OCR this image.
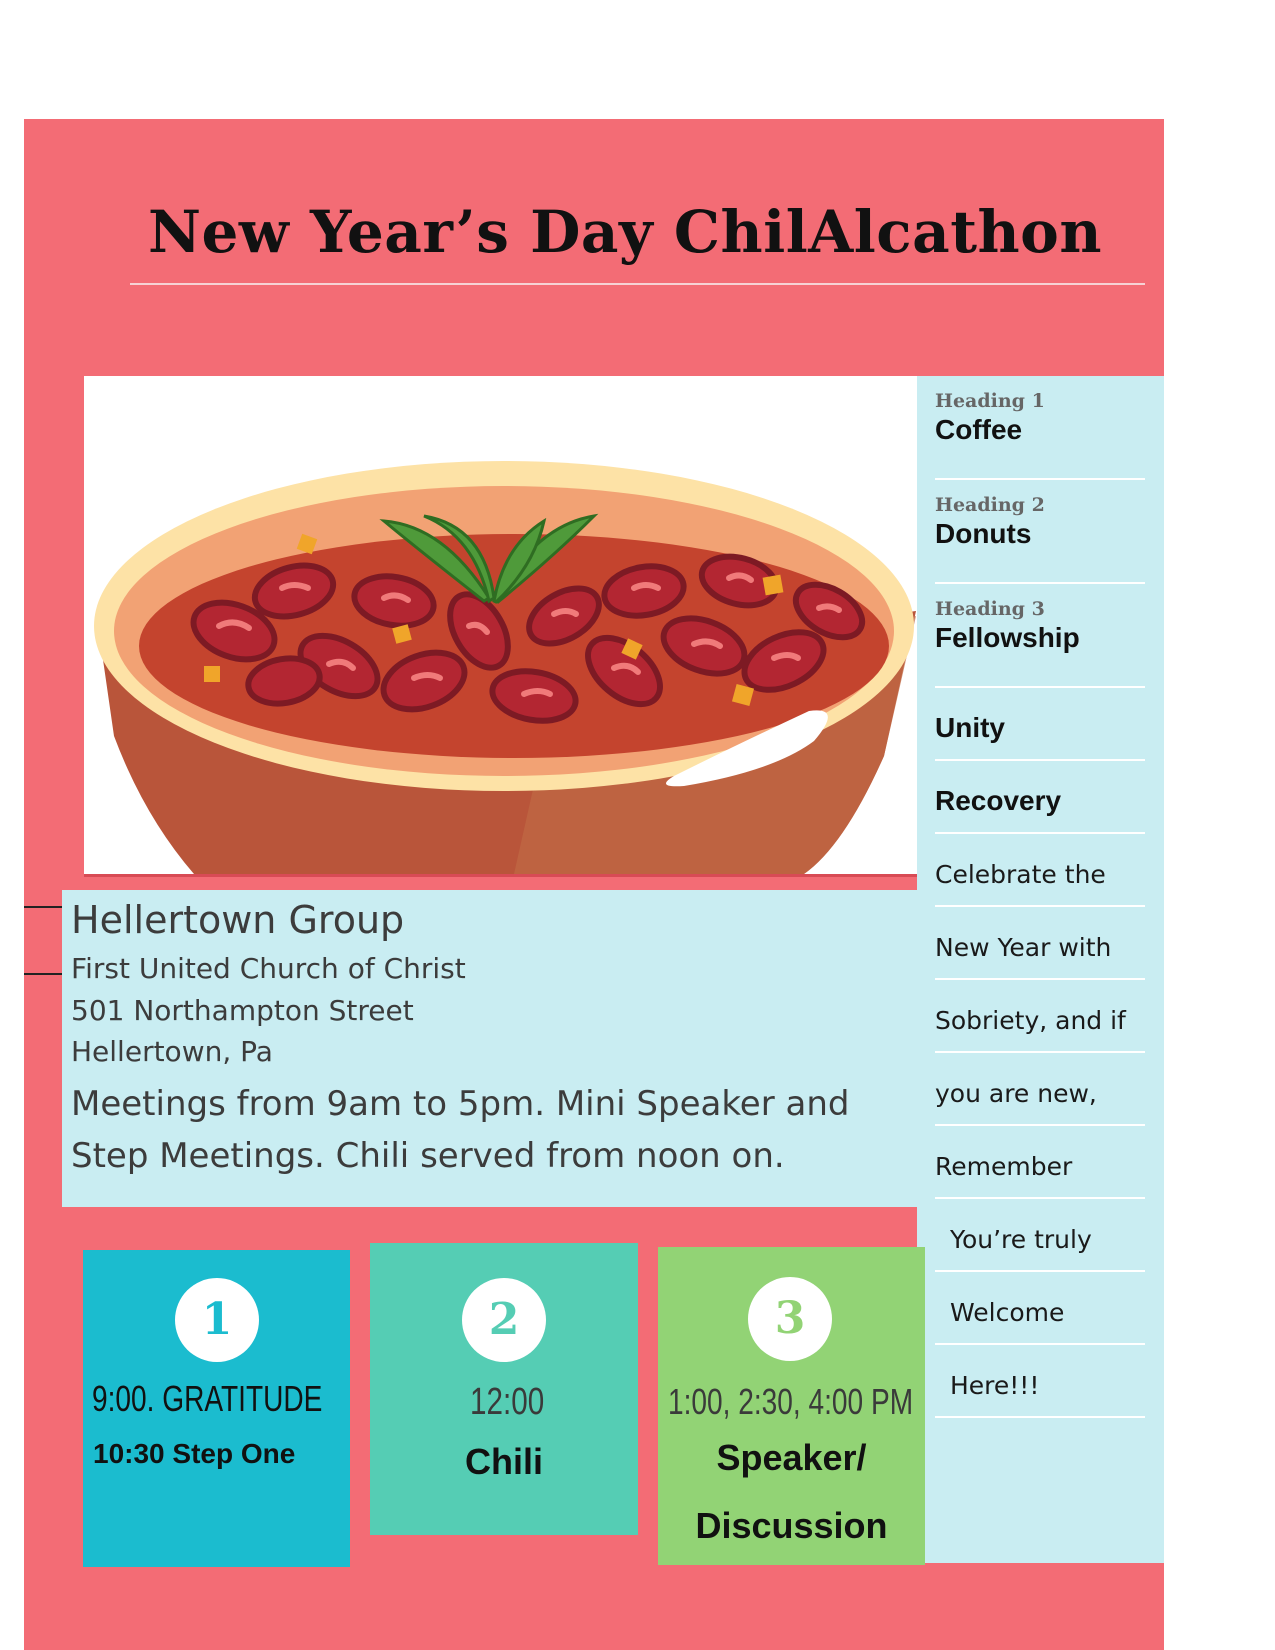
New Year’s Day ChilAlcathon
Heading 1
Coffee
Heading 2
Donuts
Heading 3
Fellowship
Unity
Recovery
Celebrate the
New Year with
Sobriety, and if
you are new,
Remember
You’re truly
Welcome
Here!!!
Hellertown Group
First United Church of Christ
501 Northampton Street
Hellertown, Pa
Meetings from 9am to 5pm. Mini Speaker and Step Meetings. Chili served from noon on.
1
9:00. GRATITUDE
10:30 Step One
2
12:00
Chili
3
1:00, 2:30, 4:00 PM
Speaker/
Discussion
